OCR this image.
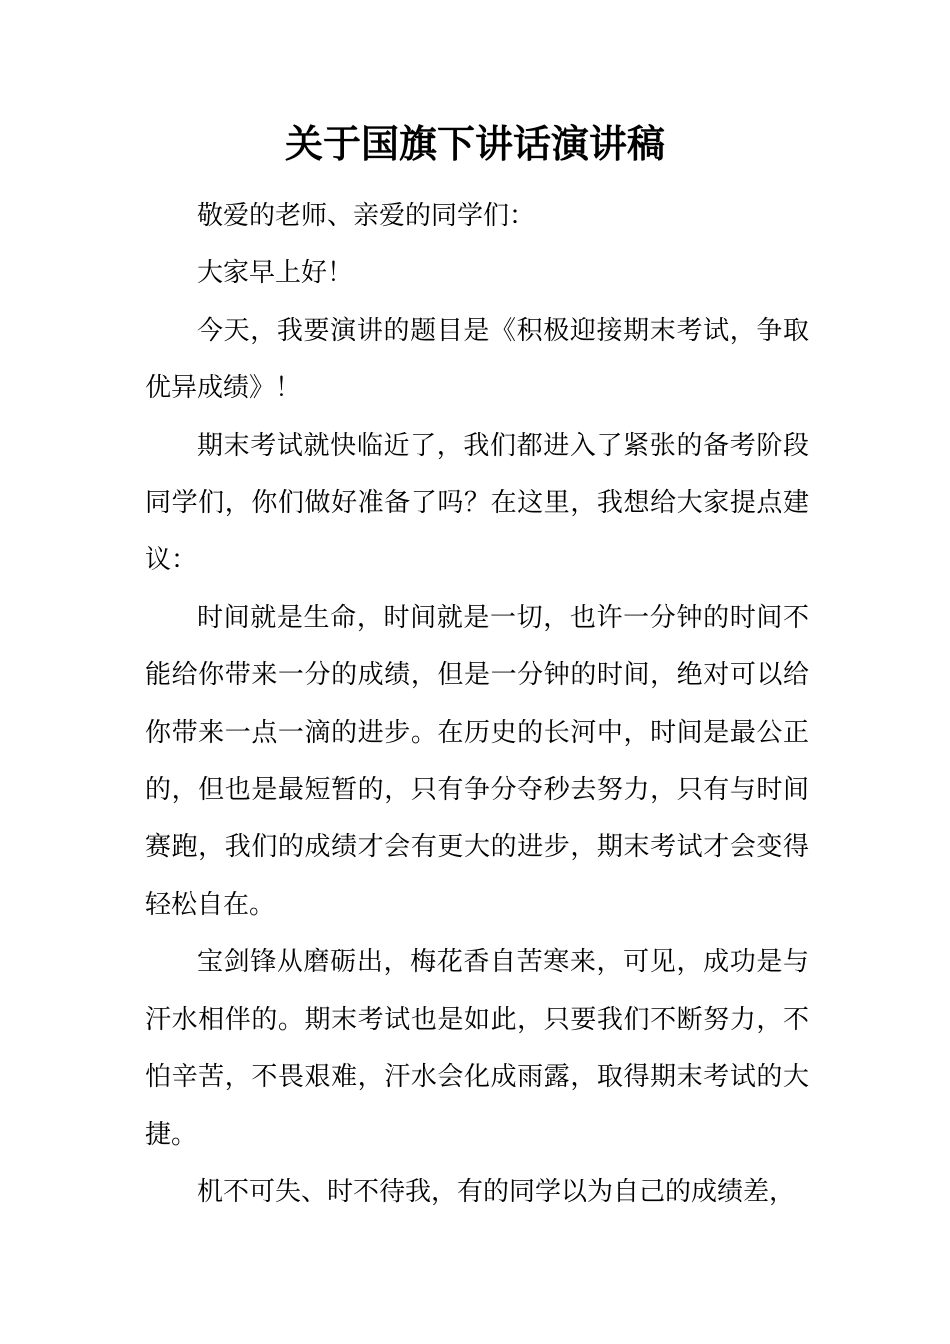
关于国旗下讲话演讲稿

敬爱的老师、亲爱的同学们：

大家早上好！

今天，我要演讲的题目是《积极迎接期末考试，争取优异成绩》！

期末考试就快临近了，我们都进入了紧张的备考阶段同学们，你们做好准备了吗？在这里，我想给大家提点建议：

时间就是生命，时间就是一切，也许一分钟的时间不能给你带来一分的成绩，但是一分钟的时间，绝对可以给你带来一点一滴的进步。在历史的长河中，时间是最公正的，但也是最短暂的，只有争分夺秒去努力，只有与时间赛跑，我们的成绩才会有更大的进步，期末考试才会变得轻松自在。

宝剑锋从磨砺出，梅花香自苦寒来，可见，成功是与汗水相伴的。期末考试也是如此，只要我们不断努力，不怕辛苦，不畏艰难，汗水会化成雨露，取得期末考试的大捷。

机不可失、时不待我，有的同学以为自己的成绩差，
